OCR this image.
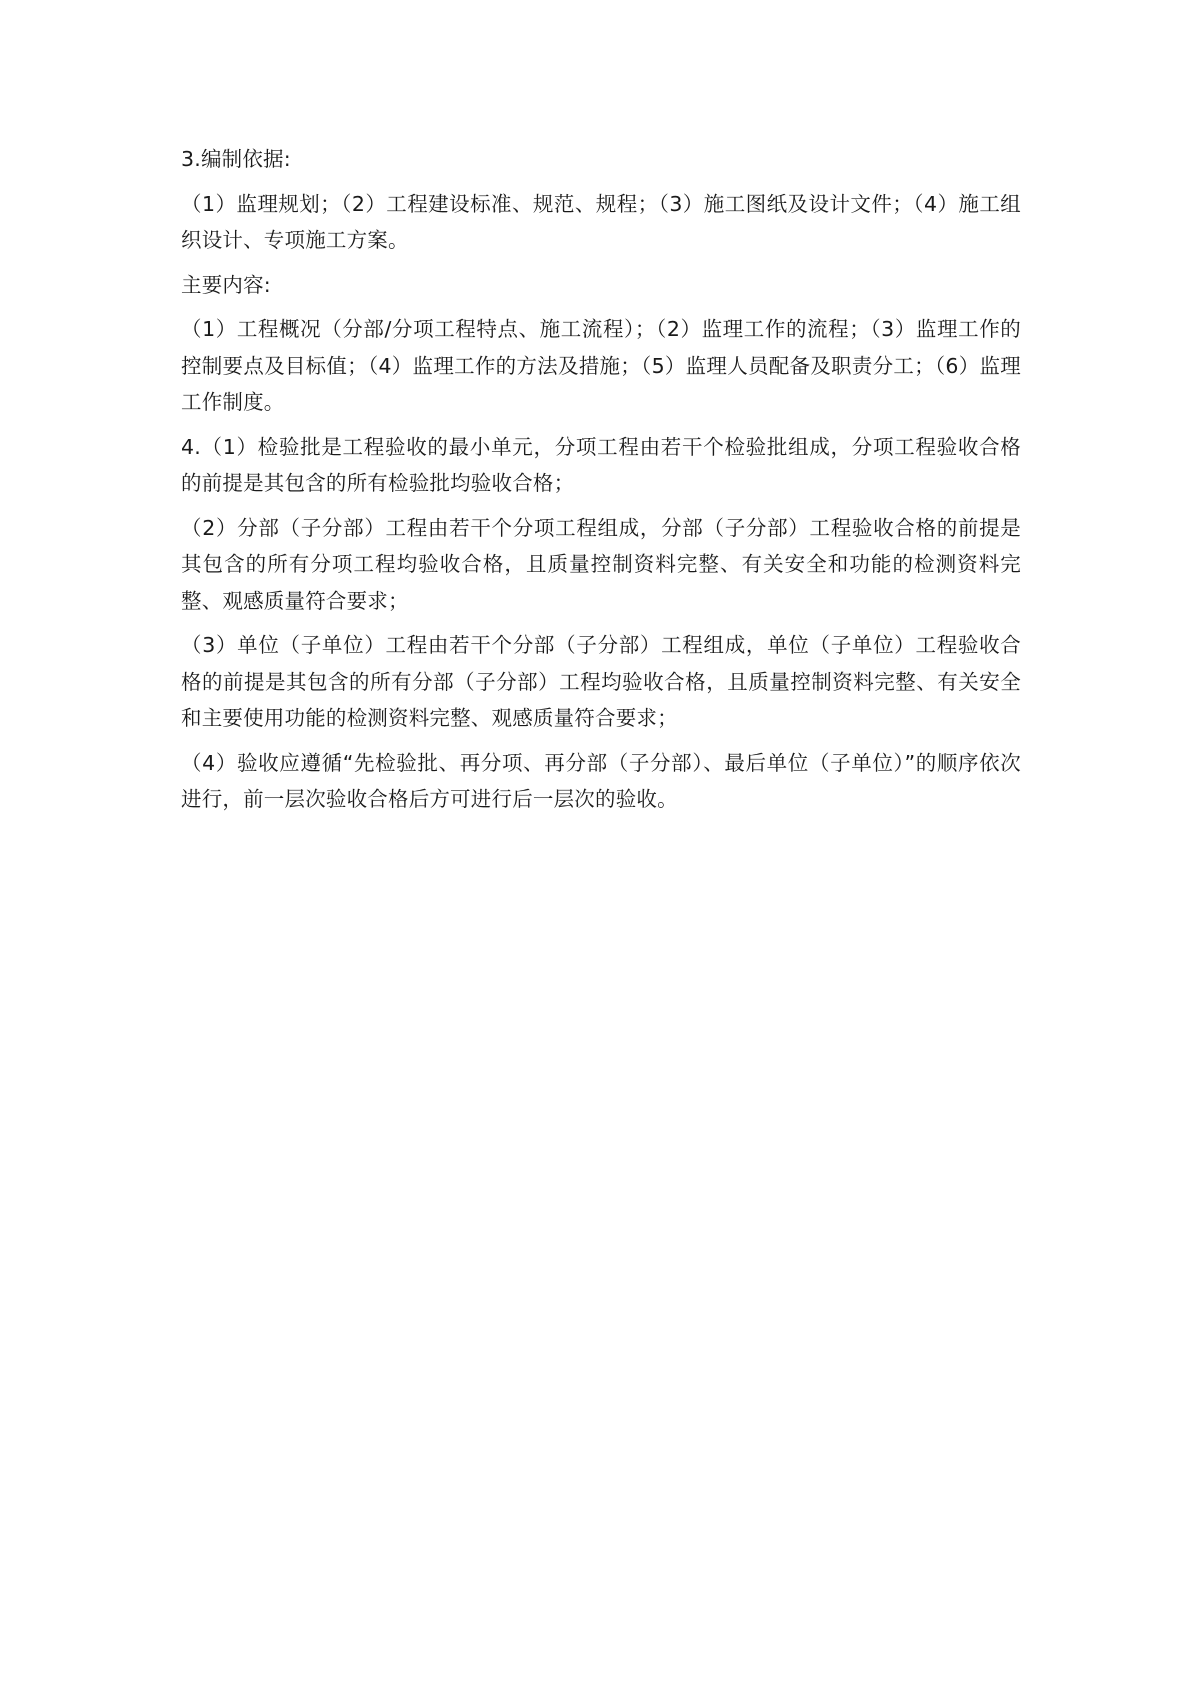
3.编制依据:

（1）监理规划；（2）工程建设标准、规范、规程；（3）施工图纸及设计文件；（4）施工组织设计、专项施工方案。

主要内容:

（1）工程概况（分部/分项工程特点、施工流程）；（2）监理工作的流程；（3）监理工作的控制要点及目标值；（4）监理工作的方法及措施；（5）监理人员配备及职责分工；（6）监理工作制度。

4.（1）检验批是工程验收的最小单元，分项工程由若干个检验批组成，分项工程验收合格的前提是其包含的所有检验批均验收合格；

（2）分部（子分部）工程由若干个分项工程组成，分部（子分部）工程验收合格的前提是其包含的所有分项工程均验收合格，且质量控制资料完整、有关安全和功能的检测资料完整、观感质量符合要求；

（3）单位（子单位）工程由若干个分部（子分部）工程组成，单位（子单位）工程验收合格的前提是其包含的所有分部（子分部）工程均验收合格，且质量控制资料完整、有关安全和主要使用功能的检测资料完整、观感质量符合要求；

（4）验收应遵循“先检验批、再分项、再分部（子分部）、最后单位（子单位）”的顺序依次进行，前一层次验收合格后方可进行后一层次的验收。
